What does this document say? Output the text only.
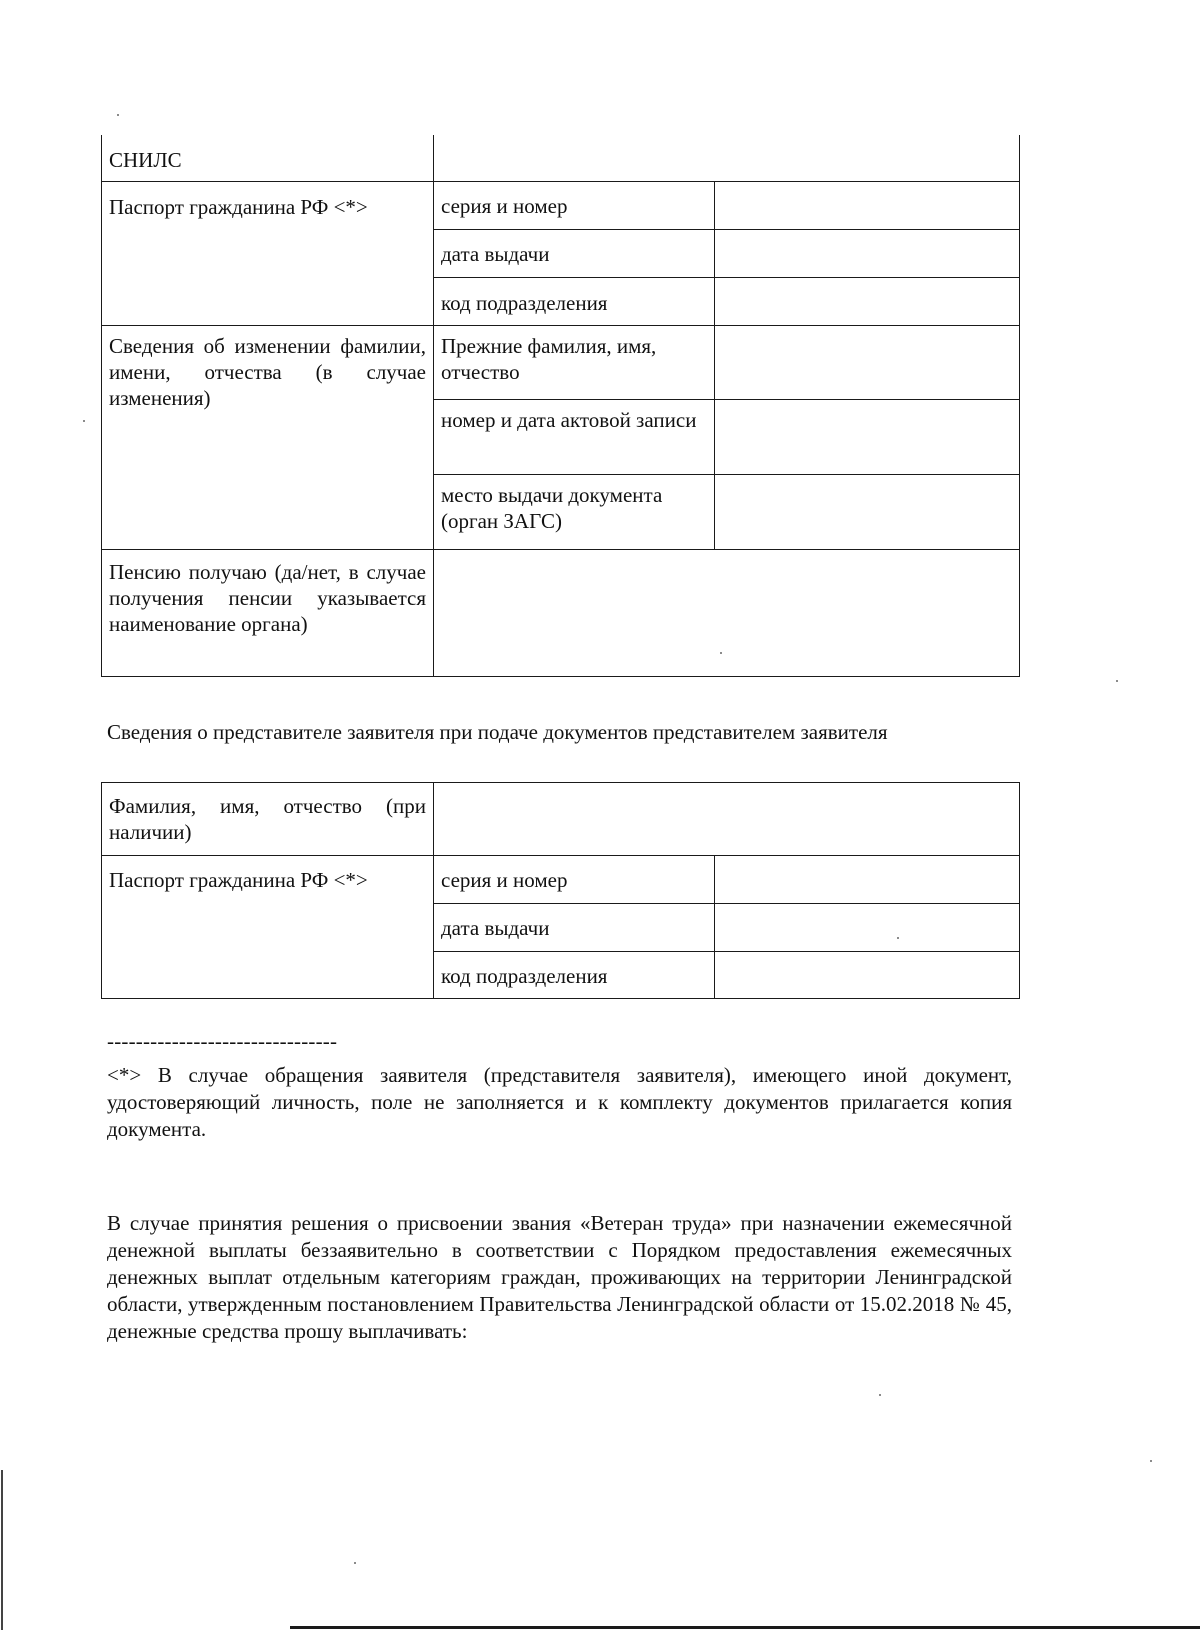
СНИЛС		
Паспорт гражданина РФ <*>	серия и номер	
	дата выдачи	
	код подразделения	
Сведения об изменении фамилии, имени, отчества (в случае изменения)	Прежние фамилия, имя, отчество	
	номер и дата актовой записи	
	место выдачи документа (орган ЗАГС)	
Пенсию получаю (да/нет, в случае получения пенсии указывается наименование органа)		

Сведения о представителе заявителя при подаче документов представителем заявителя

Фамилия, имя, отчество (при наличии)		
Паспорт гражданина РФ <*>	серия и номер	
	дата выдачи	
	код подразделения	

--------------------------------

<*> В случае обращения заявителя (представителя заявителя), имеющего иной документ, удостоверяющий личность, поле не заполняется и к комплекту документов прилагается копия документа.

В случае принятия решения о присвоении звания «Ветеран труда» при назначении ежемесячной денежной выплаты беззаявительно в соответствии с Порядком предоставления ежемесячных денежных выплат отдельным категориям граждан, проживающих на территории Ленинградской области, утвержденным постановлением Правительства Ленинградской области от 15.02.2018 № 45, денежные средства прошу выплачивать:
